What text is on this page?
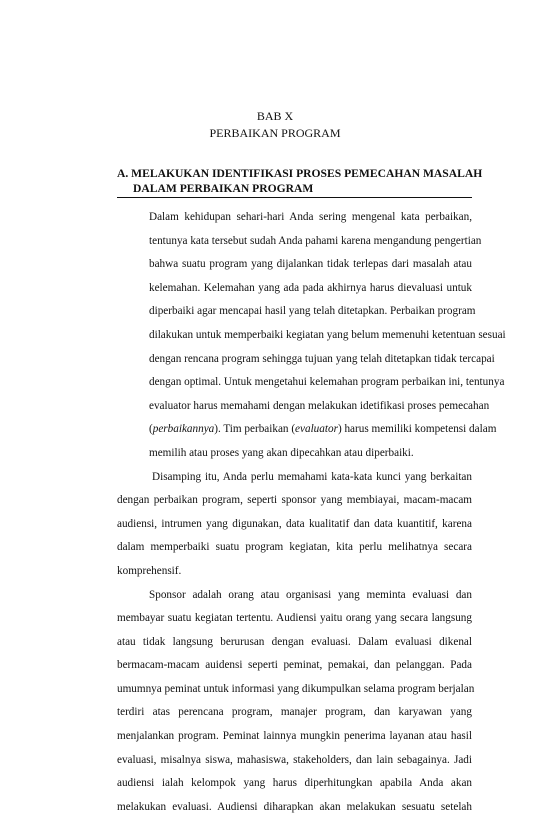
BAB X
PERBAIKAN PROGRAM
A. MELAKUKAN IDENTIFIKASI PROSES PEMECAHAN MASALAH
DALAM PERBAIKAN PROGRAM

Dalam kehidupan sehari-hari Anda sering mengenal kata perbaikan,
tentunya kata tersebut sudah Anda pahami karena mengandung pengertian
bahwa suatu program yang dijalankan tidak terlepas dari masalah atau
kelemahan. Kelemahan yang ada pada akhirnya harus dievaluasi untuk
diperbaiki agar mencapai hasil yang telah ditetapkan. Perbaikan program
dilakukan untuk memperbaiki kegiatan yang belum memenuhi ketentuan sesuai
dengan rencana program sehingga tujuan yang telah ditetapkan tidak tercapai
dengan optimal. Untuk mengetahui kelemahan program perbaikan ini, tentunya
evaluator harus memahami dengan melakukan idetifikasi proses pemecahan
(perbaikannya). Tim perbaikan (evaluator) harus memiliki kompetensi dalam
memilih atau proses yang akan dipecahkan atau diperbaiki.

Disamping itu, Anda perlu memahami kata-kata kunci yang berkaitan
dengan perbaikan program, seperti sponsor yang membiayai, macam-macam
audiensi, intrumen yang digunakan, data kualitatif dan data kuantitif, karena
dalam memperbaiki suatu program kegiatan, kita perlu melihatnya secara
komprehensif.

Sponsor adalah orang atau organisasi yang meminta evaluasi dan
membayar suatu kegiatan tertentu. Audiensi yaitu orang yang secara langsung
atau tidak langsung berurusan dengan evaluasi. Dalam evaluasi dikenal
bermacam-macam auidensi seperti peminat, pemakai, dan pelanggan. Pada
umumnya peminat untuk informasi yang dikumpulkan selama program berjalan
terdiri atas perencana program, manajer program, dan karyawan yang
menjalankan program. Peminat lainnya mungkin penerima layanan atau hasil
evaluasi, misalnya siswa, mahasiswa, stakeholders, dan lain sebagainya. Jadi
audiensi ialah kelompok yang harus diperhitungkan apabila Anda akan
melakukan evaluasi. Audiensi diharapkan akan melakukan sesuatu setelah
